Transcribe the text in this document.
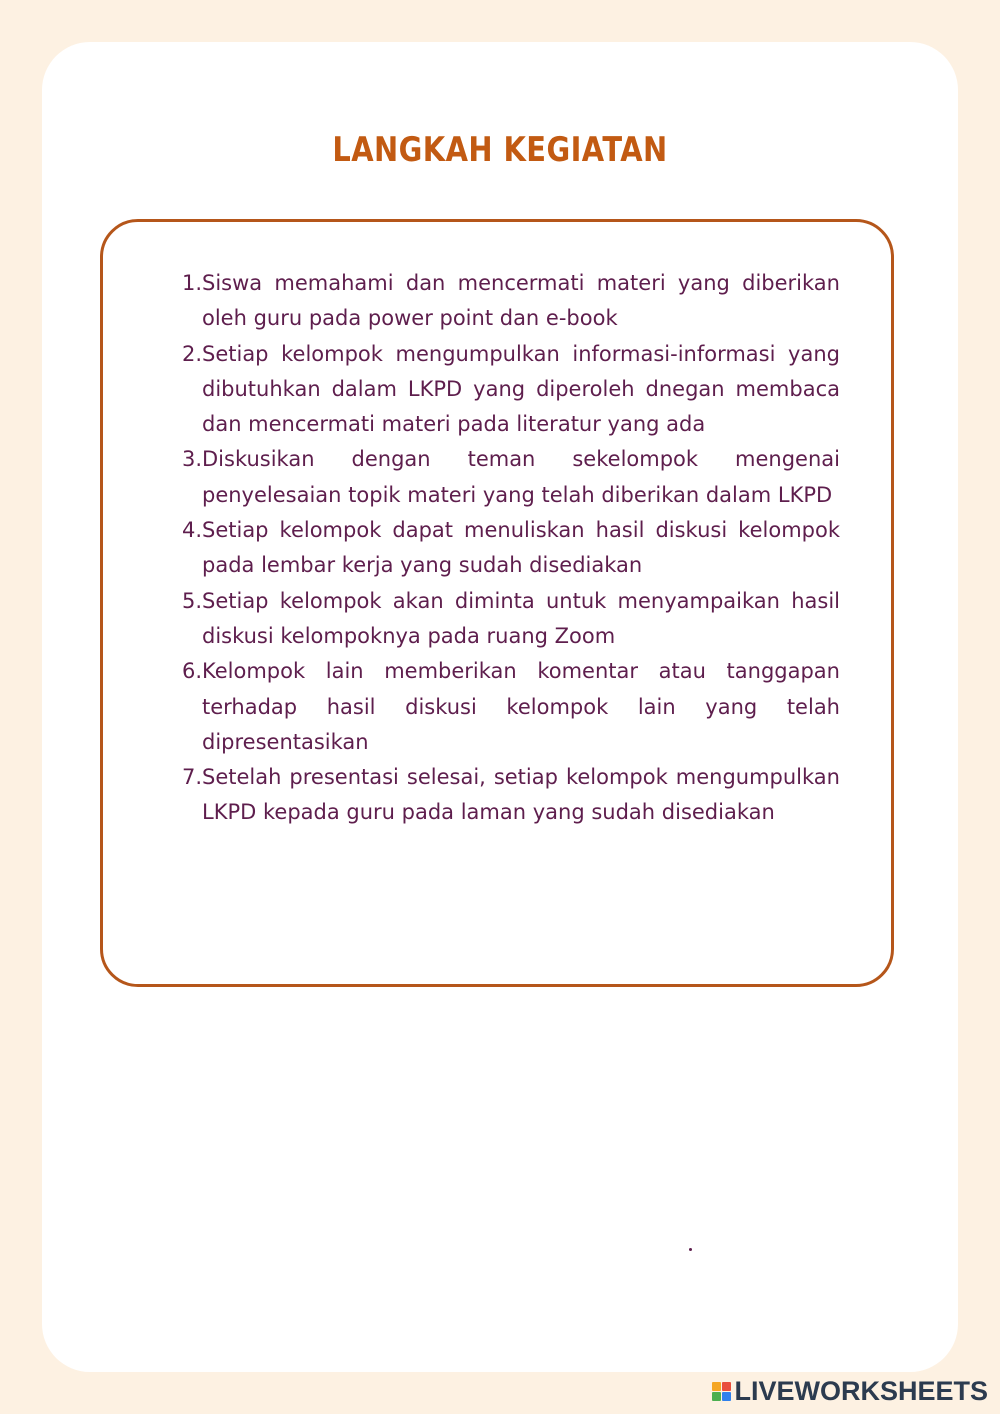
LANGKAH KEGIATAN
1. Siswa memahami dan mencermati materi yang diberikan oleh guru pada power point dan e-book
2. Setiap kelompok mengumpulkan informasi-informasi yang dibutuhkan dalam LKPD yang diperoleh dnegan membaca dan mencermati materi pada literatur yang ada
3. Diskusikan dengan teman sekelompok mengenai penyelesaian topik materi yang telah diberikan dalam LKPD
4. Setiap kelompok dapat menuliskan hasil diskusi kelompok pada lembar kerja yang sudah disediakan
5. Setiap kelompok akan diminta untuk menyampaikan hasil diskusi kelompoknya pada ruang Zoom
6. Kelompok lain memberikan komentar atau tanggapan terhadap hasil diskusi kelompok lain yang telah dipresentasikan
7. Setelah presentasi selesai, setiap kelompok mengumpulkan LKPD kepada guru pada laman yang sudah disediakan
LIVEWORKSHEETS
